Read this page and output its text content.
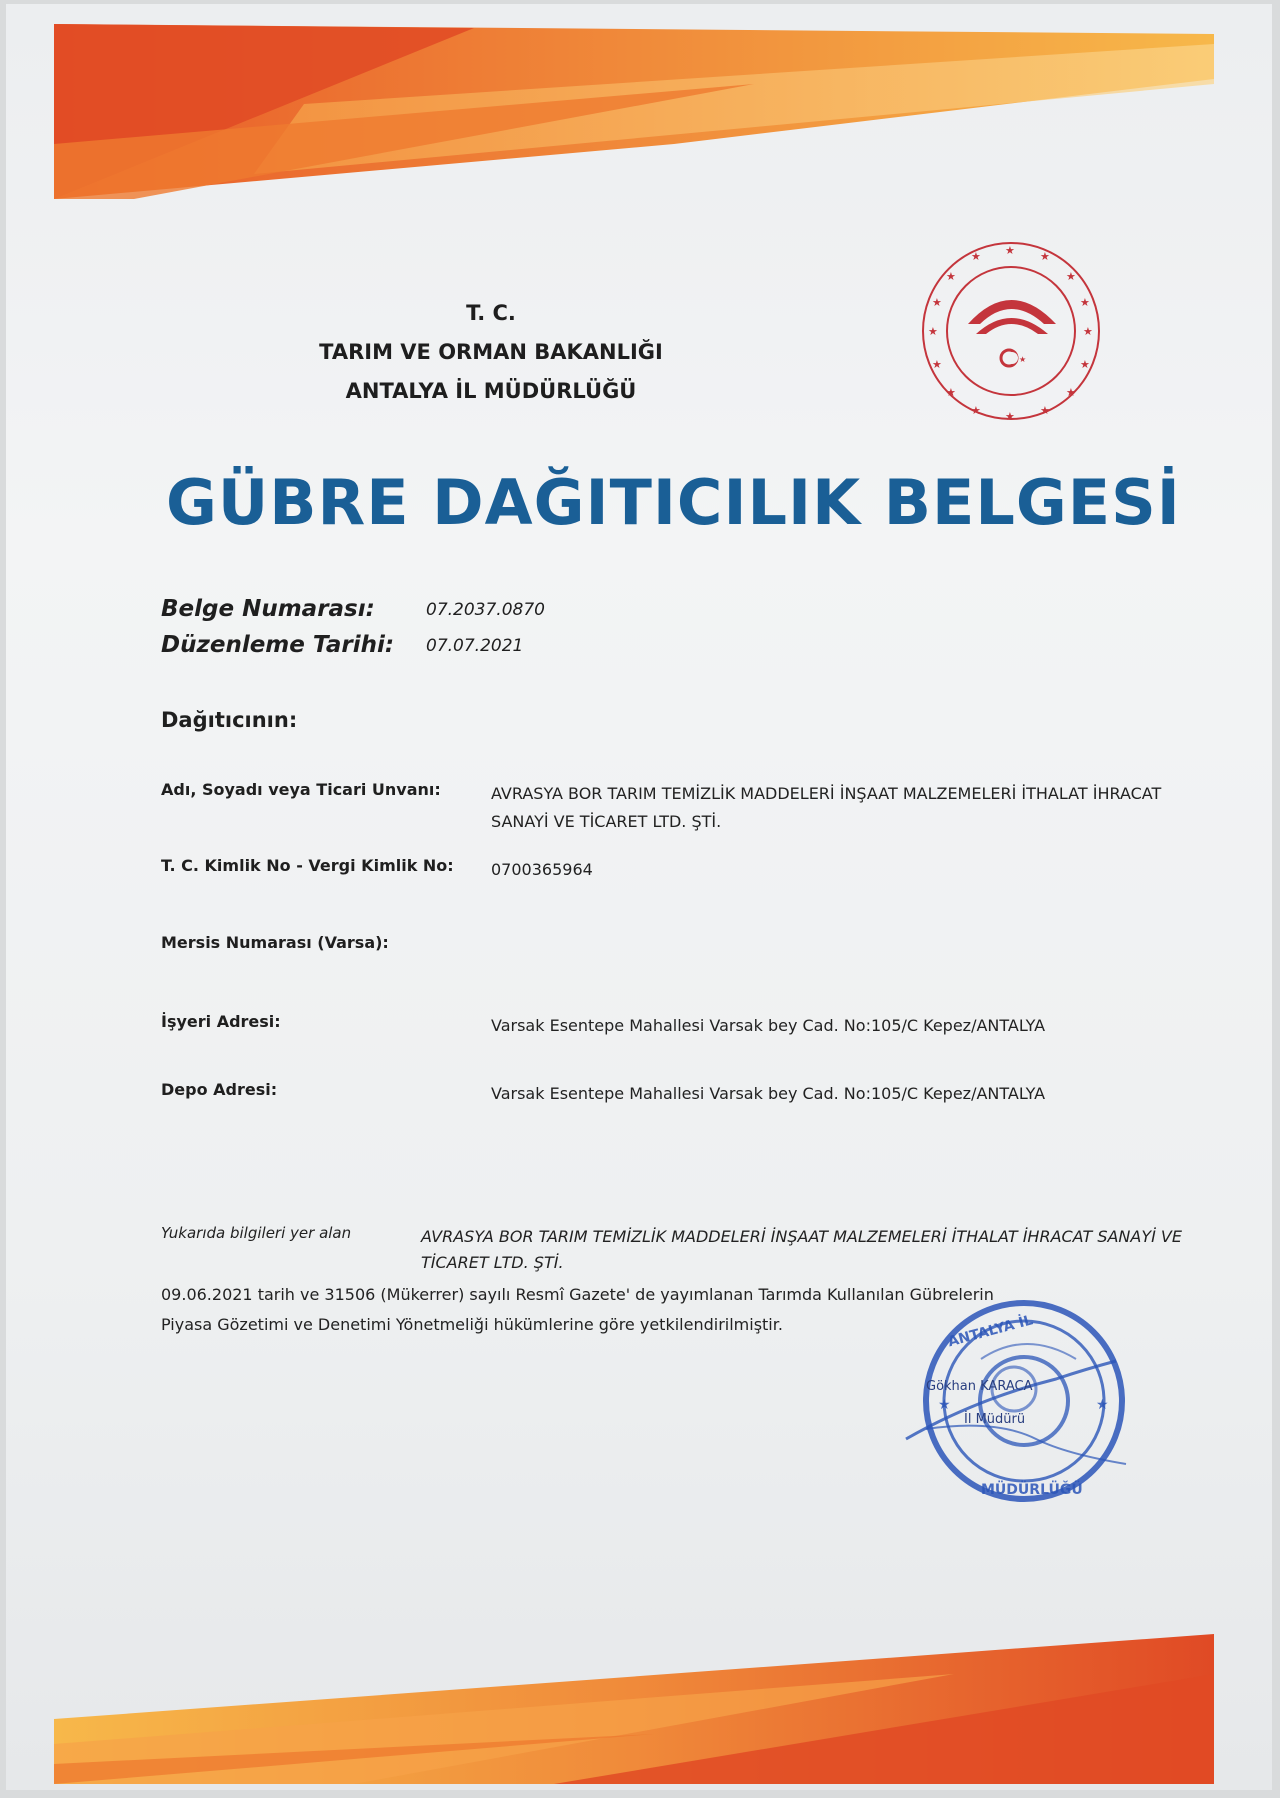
★	★
★
★
★	★
★	★
★	★
★	★
★	★
★	★
★
T. C.
TARIM VE ORMAN BAKANLIĞI
ANTALYA İL MÜDÜRLÜĞÜ
GÜBRE DAĞITICILIK BELGESİ
Belge Numarası:	07.2037.0870
Düzenleme Tarihi: 07.07.2021
Dağıtıcının:
Adı, Soyadı veya Ticari Unvanı:	AVRASYA BOR TARIM TEMİZLİK MADDELERİ İNŞAAT MALZEMELERİ İTHALAT İHRACAT SANAYİ VE TİCARET LTD. ŞTİ.
T. C. Kimlik No - Vergi Kimlik No: 0700365964
Mersis Numarası (Varsa):
İşyeri Adresi:	Varsak Esentepe Mahallesi Varsak bey Cad. No:105/C Kepez/ANTALYA
Depo Adresi:	Varsak Esentepe Mahallesi Varsak bey Cad. No:105/C Kepez/ANTALYA
Yukarıda bilgileri yer alan	AVRASYA BOR TARIM TEMİZLİK MADDELERİ İNŞAAT MALZEMELERİ İTHALAT İHRACAT SANAYİ VE TİCARET LTD. ŞTİ.
09.06.2021 tarih ve 31506 (Mükerrer) sayılı Resmî Gazete' de yayımlanan Tarımda Kullanılan Gübrelerin
Piyasa Gözetimi ve Denetimi Yönetmeliği hükümlerine göre yetkilendirilmiştir.	ANTALYA İL
MÜDÜRLÜĞÜ
★
★
Gökhan KARACA
İl Müdürü
